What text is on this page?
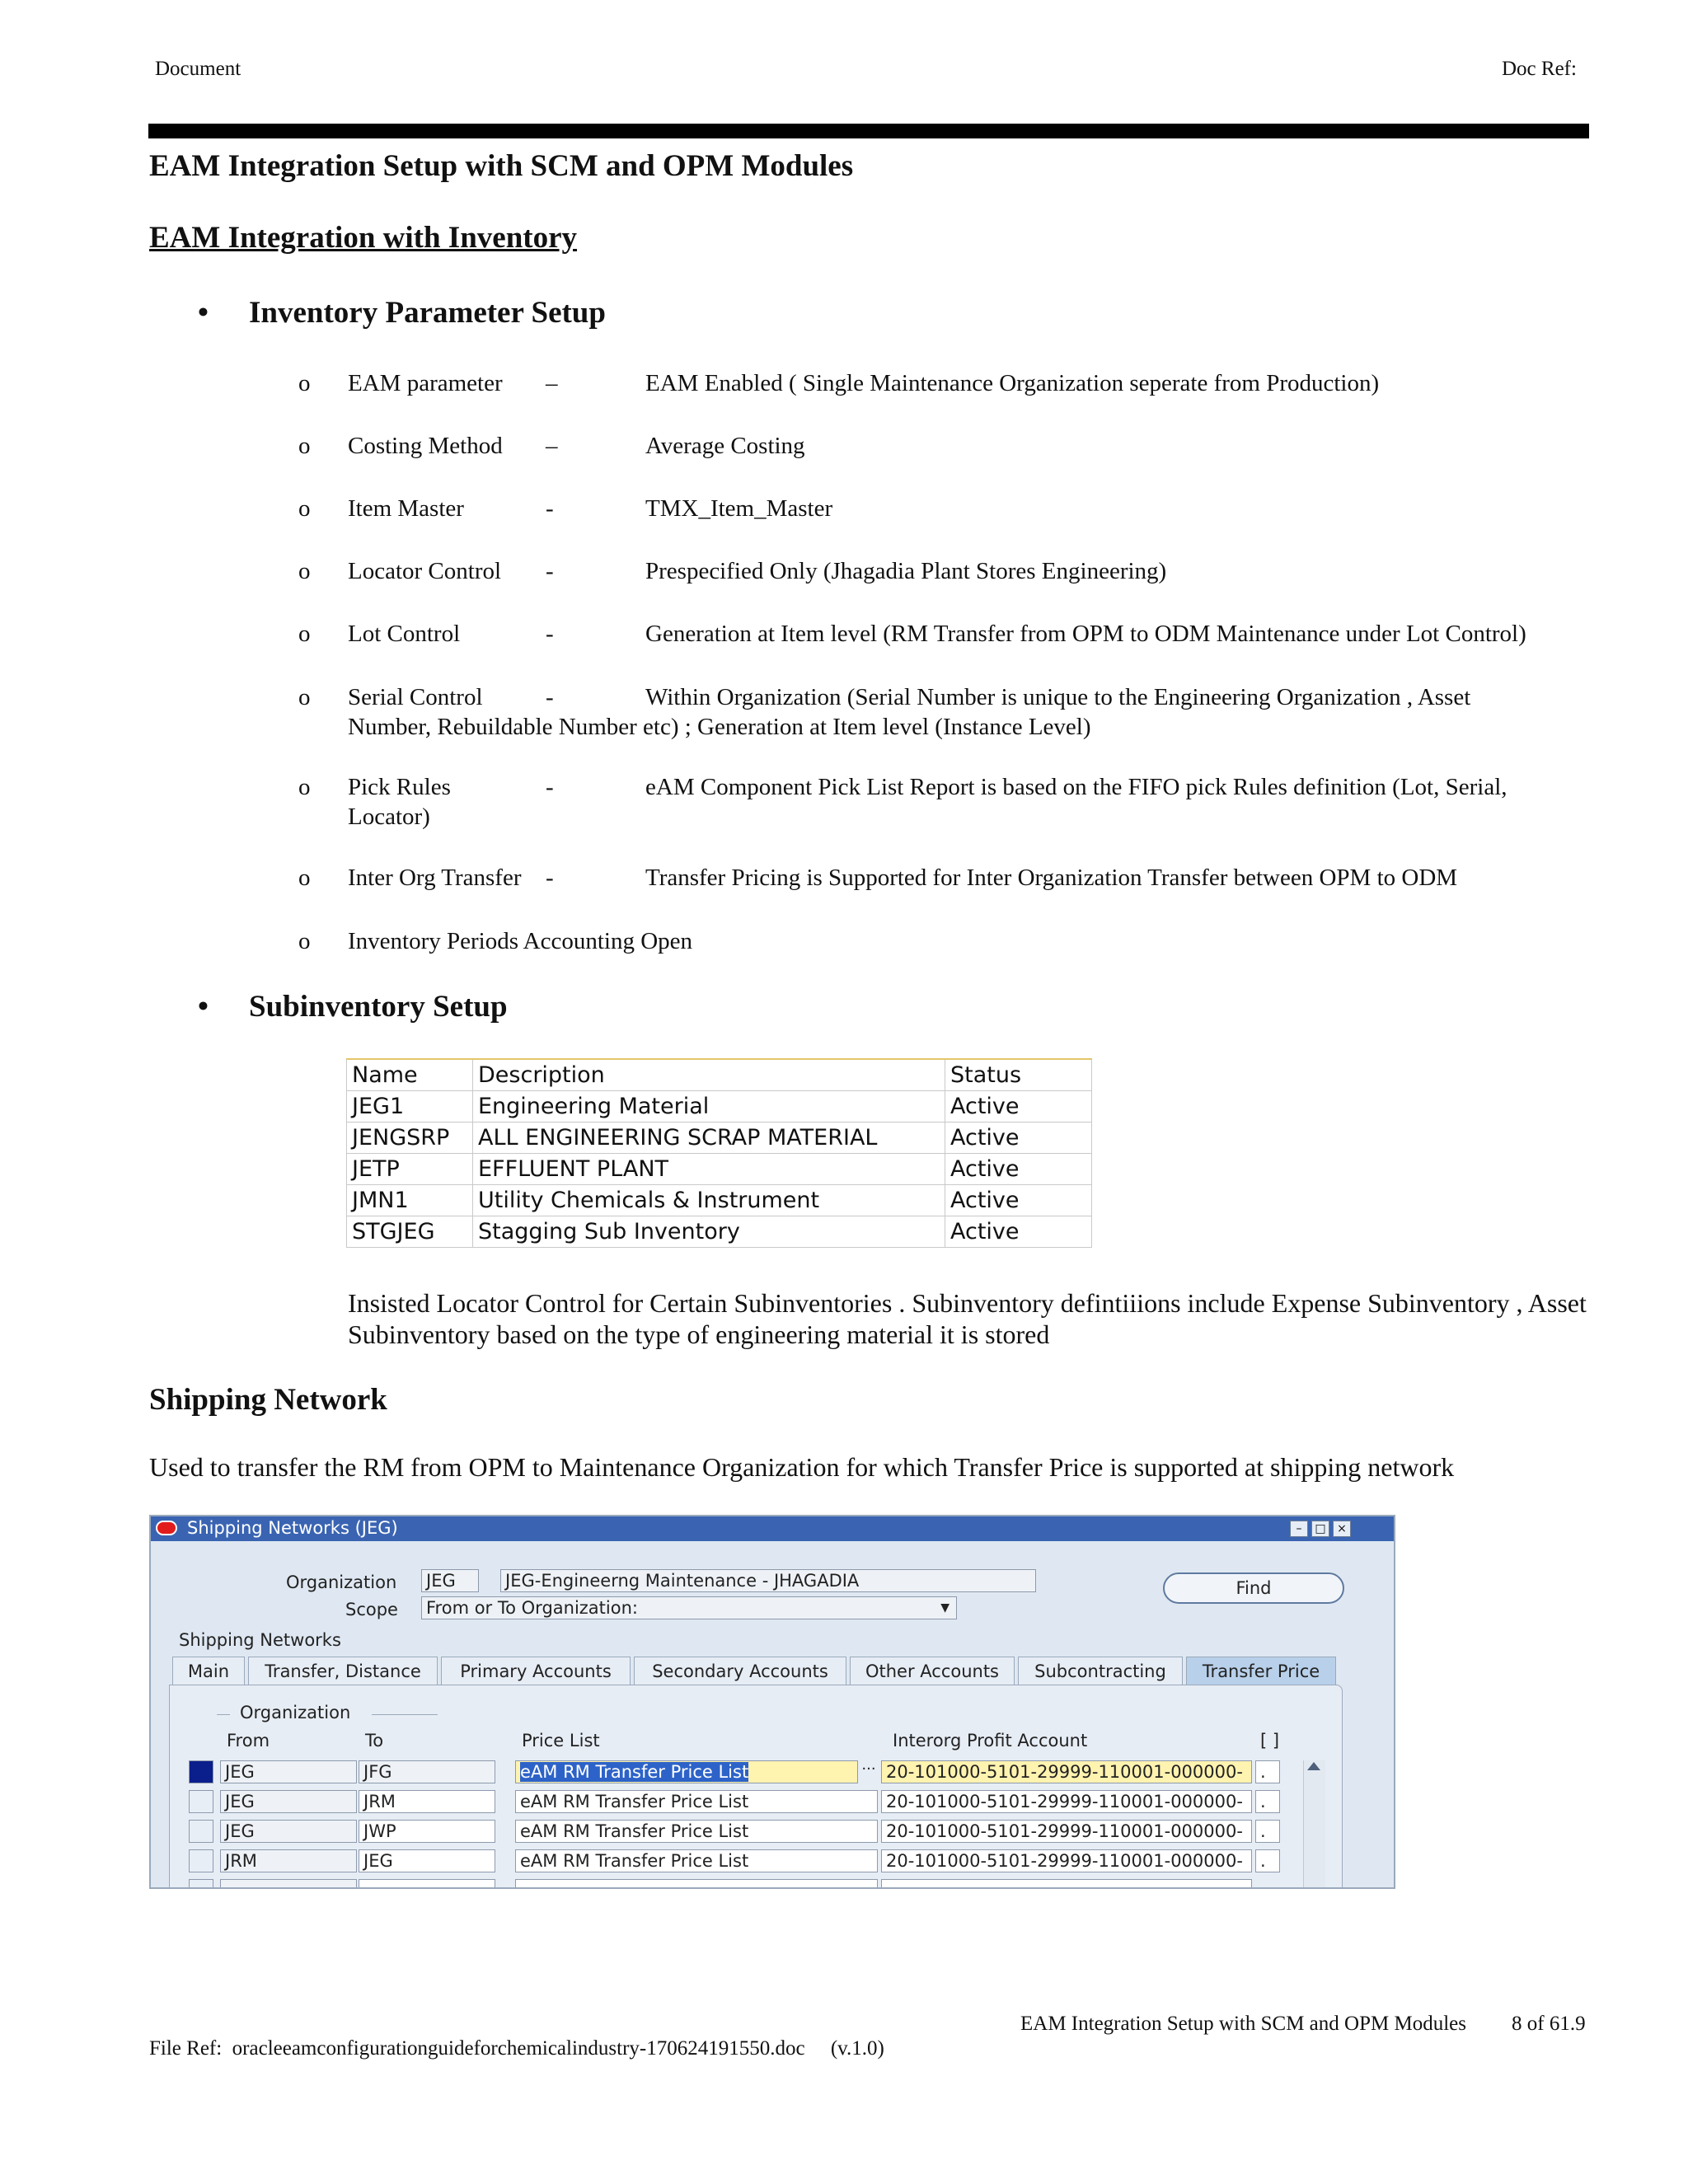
Document	Doc Ref:
EAM Integration Setup with SCM and OPM Modules
EAM Integration with Inventory
• Inventory Parameter Setup
o	EAM parameter –	EAM Enabled ( Single Maintenance Organization seperate from Production)
o	Costing Method –	Average Costing
o	Item Master	-	TMX_Item_Master
o	Locator Control -	Prespecified Only (Jhagadia Plant Stores Engineering)
o	Lot Control	-	Generation at Item level (RM Transfer from OPM to ODM Maintenance under Lot Control)
o	Serial Control	-	Within Organization (Serial Number is unique to the Engineering Organization , Asset
Number, Rebuildable Number etc) ; Generation at Item level (Instance Level)
o	Pick Rules	-	eAM Component Pick List Report is based on the FIFO pick Rules definition (Lot, Serial,
Locator)
o	Inter Org Transfer -	Transfer Pricing is Supported for Inter Organization Transfer between OPM to ODM
o	Inventory Periods Accounting Open
• Subinventory Setup
Name	Description	Status
JEG1	Engineering Material	Active
JENGSRP	ALL ENGINEERING SCRAP MATERIAL	Active
JETP	EFFLUENT PLANT	Active
JMN1	Utility Chemicals & Instrument	Active
STGJEG	Stagging Sub Inventory	Active
Insisted Locator Control for Certain Subinventories . Subinventory defintiiions include Expense Subinventory , Asset Subinventory based on the type of engineering material it is stored
Shipping Network
Used to transfer the RM from OPM to Maintenance Organization for which Transfer Price is supported at shipping network
Shipping Networks (JEG)	–	□ ×
Organization JEG	JEG-Engineerng Maintenance - JHAGADIA	Find
Scope From or To Organization:	▼
Shipping Networks
Main	Transfer, Distance	Primary Accounts	Secondary Accounts	Other Accounts	Subcontracting	Transfer Price
Organization
From	To	Price List	Interorg Profit Account	[ ]
JEG	JFG	eAM RM Transfer Price List	··· 20-101000-5101-29999-110001-000000-	.
JEG	JRM	eAM RM Transfer Price List	20-101000-5101-29999-110001-000000-	.
JEG	JWP	eAM RM Transfer Price List	20-101000-5101-29999-110001-000000-	.
JRM	JEG	eAM RM Transfer Price List	20-101000-5101-29999-110001-000000-	.
EAM Integration Setup with SCM and OPM Modules 8 of 61.9
File Ref:  oracleeamconfigurationguideforchemicalindustry-170624191550.doc     (v.1.0)
